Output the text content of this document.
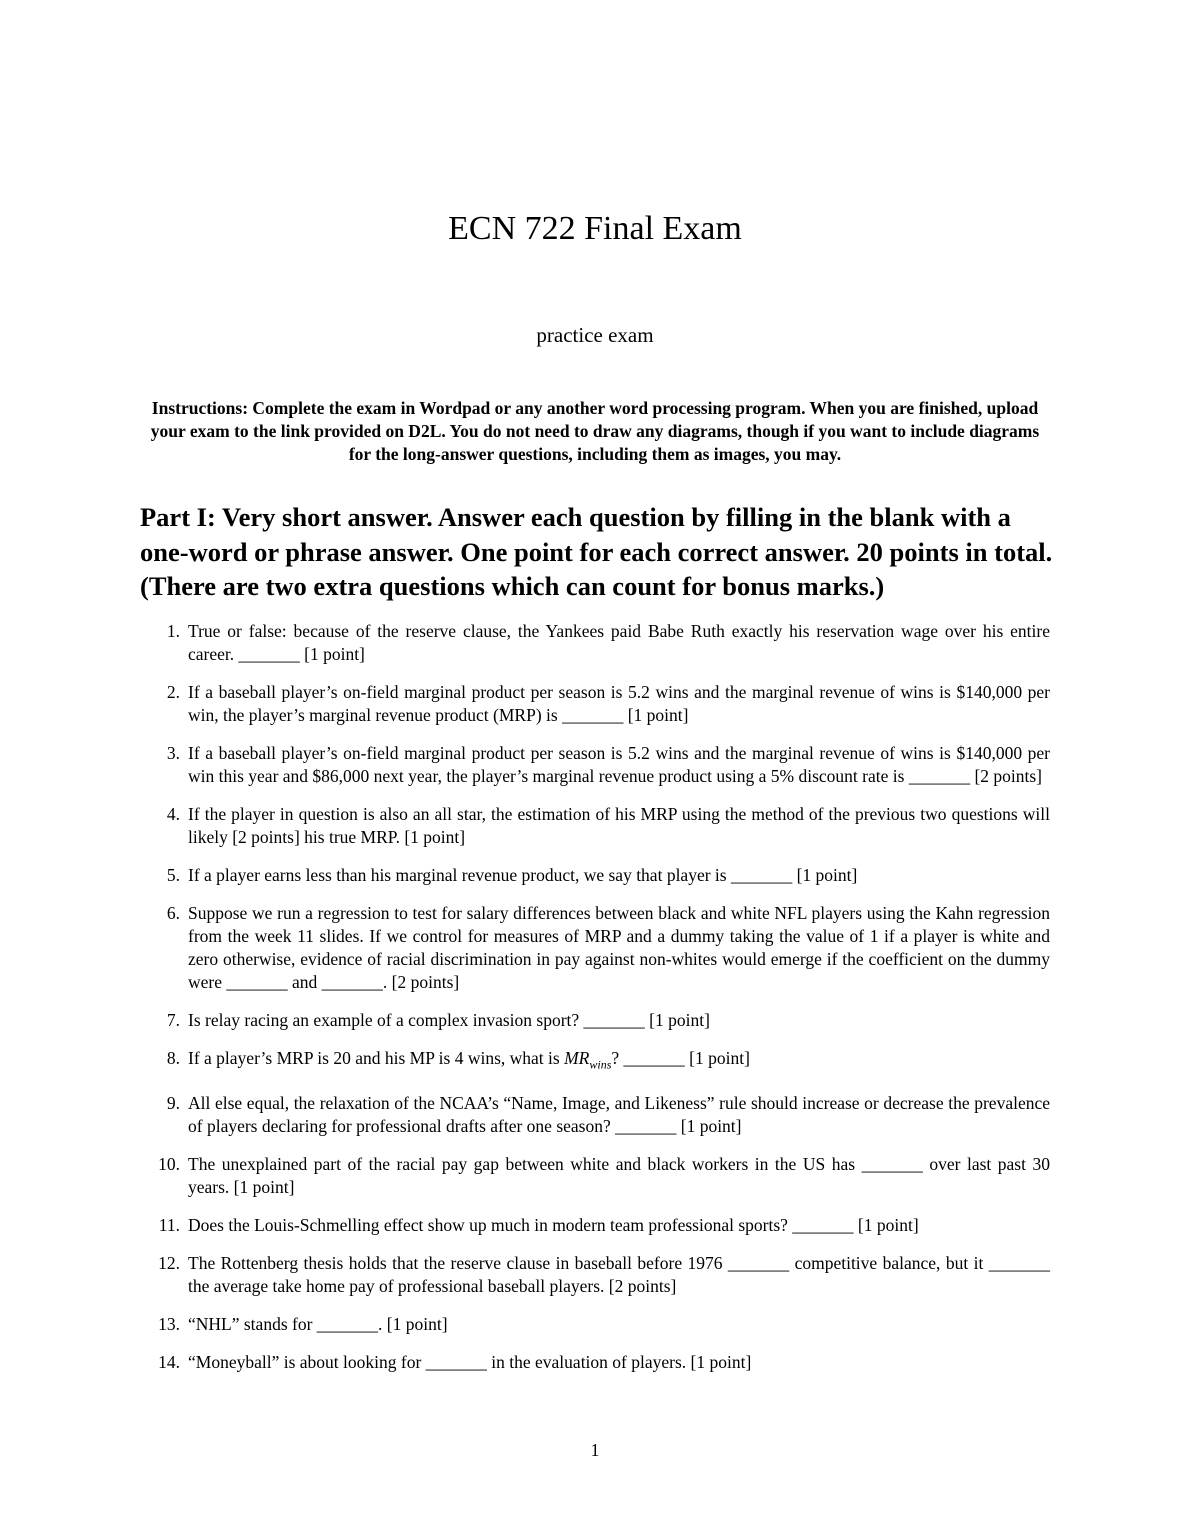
ECN 722 Final Exam
practice exam
Instructions: Complete the exam in Wordpad or any another word processing program. When you are finished, upload your exam to the link provided on D2L. You do not need to draw any diagrams, though if you want to include diagrams for the long-answer questions, including them as images, you may.
Part I: Very short answer. Answer each question by filling in the blank with a one-word or phrase answer. One point for each correct answer. 20 points in total. (There are two extra questions which can count for bonus marks.)
1. True or false: because of the reserve clause, the Yankees paid Babe Ruth exactly his reservation wage over his entire career. _______ [1 point]
2. If a baseball player’s on-field marginal product per season is 5.2 wins and the marginal revenue of wins is $140,000 per win, the player’s marginal revenue product (MRP) is _______ [1 point]
3. If a baseball player’s on-field marginal product per season is 5.2 wins and the marginal revenue of wins is $140,000 per win this year and $86,000 next year, the player’s marginal revenue product using a 5% discount rate is _______ [2 points]
4. If the player in question is also an all star, the estimation of his MRP using the method of the previous two questions will likely [2 points] his true MRP. [1 point]
5. If a player earns less than his marginal revenue product, we say that player is _______ [1 point]
6. Suppose we run a regression to test for salary differences between black and white NFL players using the Kahn regression from the week 11 slides. If we control for measures of MRP and a dummy taking the value of 1 if a player is white and zero otherwise, evidence of racial discrimination in pay against non-whites would emerge if the coefficient on the dummy were _______ and _______. [2 points]
7. Is relay racing an example of a complex invasion sport? _______ [1 point]
8. If a player’s MRP is 20 and his MP is 4 wins, what is $MR_{wins}$? _______ [1 point]
9. All else equal, the relaxation of the NCAA’s “Name, Image, and Likeness” rule should increase or decrease the prevalence of players declaring for professional drafts after one season? _______ [1 point]
10. The unexplained part of the racial pay gap between white and black workers in the US has _______ over last past 30 years. [1 point]
11. Does the Louis-Schmelling effect show up much in modern team professional sports? _______ [1 point]
12. The Rottenberg thesis holds that the reserve clause in baseball before 1976 _______ competitive balance, but it _______ the average take home pay of professional baseball players. [2 points]
13. “NHL” stands for _______. [1 point]
14. “Moneyball” is about looking for _______ in the evaluation of players. [1 point]
1
